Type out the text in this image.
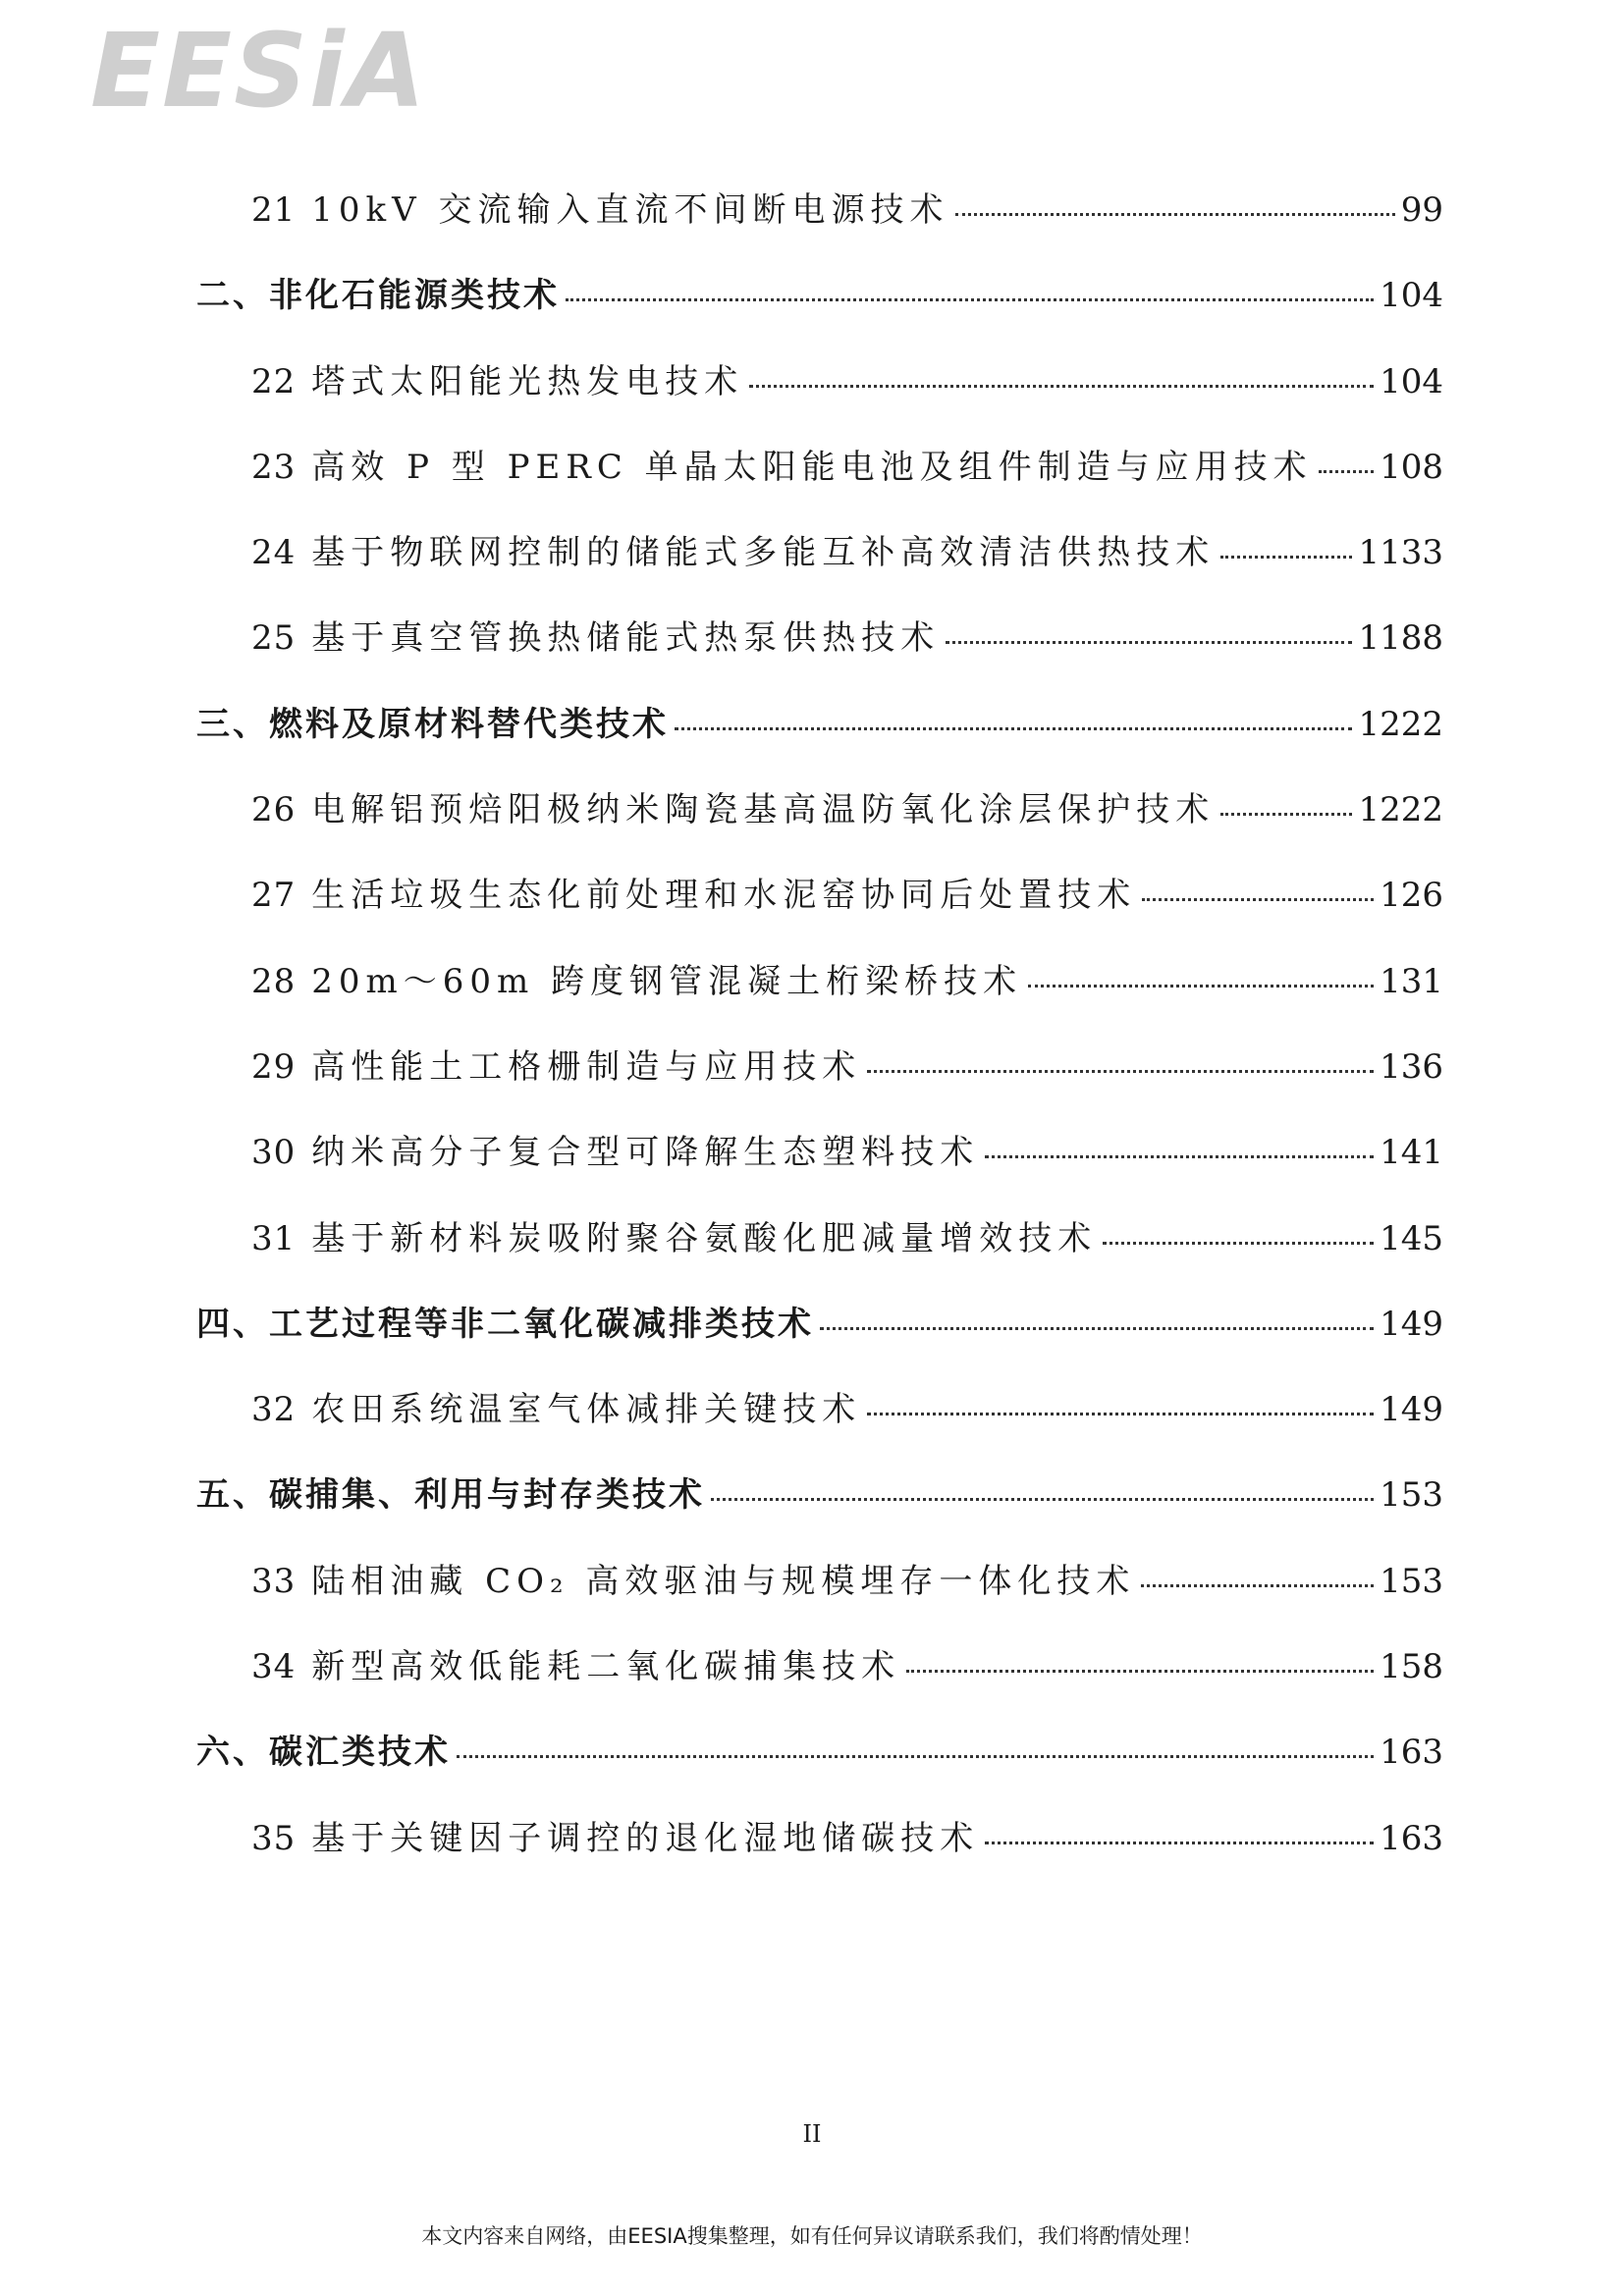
EESiA
21 10kV 交流输入直流不间断电源技术	99
二、非化石能源类技术	104
22 塔式太阳能光热发电技术	104
23 高效 P 型 PERC 单晶太阳能电池及组件制造与应用技术 108
24 基于物联网控制的储能式多能互补高效清洁供热技术	1133
25 基于真空管换热储能式热泵供热技术	1188
三、燃料及原材料替代类技术	1222
26 电解铝预焙阳极纳米陶瓷基高温防氧化涂层保护技术	1222
27 生活垃圾生态化前处理和水泥窑协同后处置技术	126
28 20m～60m 跨度钢管混凝土桁梁桥技术	131
29 高性能土工格栅制造与应用技术	136
30 纳米高分子复合型可降解生态塑料技术	141
31 基于新材料炭吸附聚谷氨酸化肥减量增效技术	145
四、工艺过程等非二氧化碳减排类技术	149
32 农田系统温室气体减排关键技术	149
五、碳捕集、利用与封存类技术	153
33 陆相油藏 CO₂ 高效驱油与规模埋存一体化技术	153
34 新型高效低能耗二氧化碳捕集技术	158
六、碳汇类技术	163
35 基于关键因子调控的退化湿地储碳技术	163
II
本文内容来自网络，由EESIA搜集整理，如有任何异议请联系我们，我们将酌情处理！
